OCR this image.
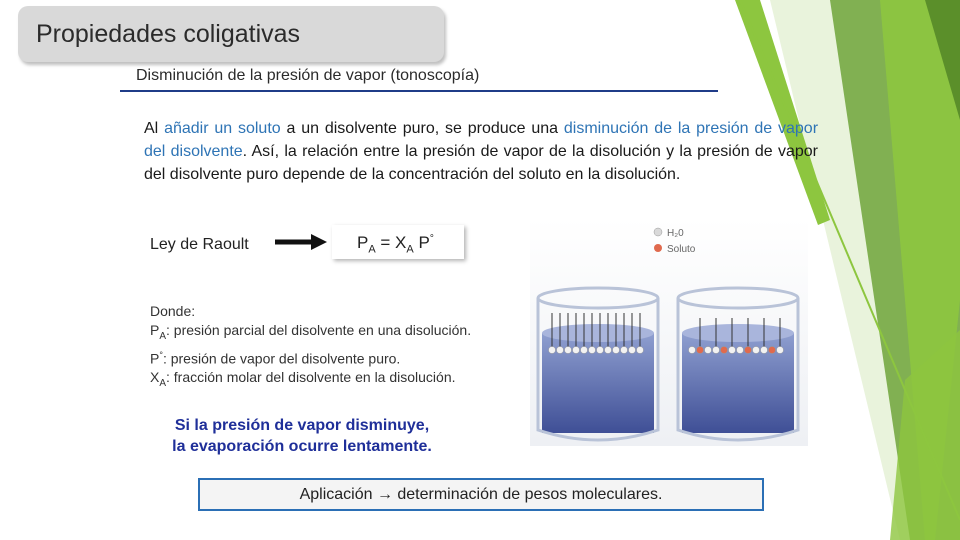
Propiedades coligativas
Disminución de la presión de vapor (tonoscopía)
Al añadir un soluto a un disolvente puro, se produce una disminución de la presión de vapor del disolvente. Así, la relación entre la presión de vapor de la disolución y la presión de vapor del disolvente puro depende de la concentración del soluto en la disolución.
Ley de Raoult	$P_A = X_A$ P°
Donde:
$P_A$: presión parcial del disolvente en una disolución.
P°: presión de vapor del disolvente puro.
$X_A$: fracción molar del disolvente en la disolución.
H₂0
Soluto
Si la presión de vapor disminuye,
la evaporación ocurre lentamente.
Aplicación → determinación de pesos moleculares.
